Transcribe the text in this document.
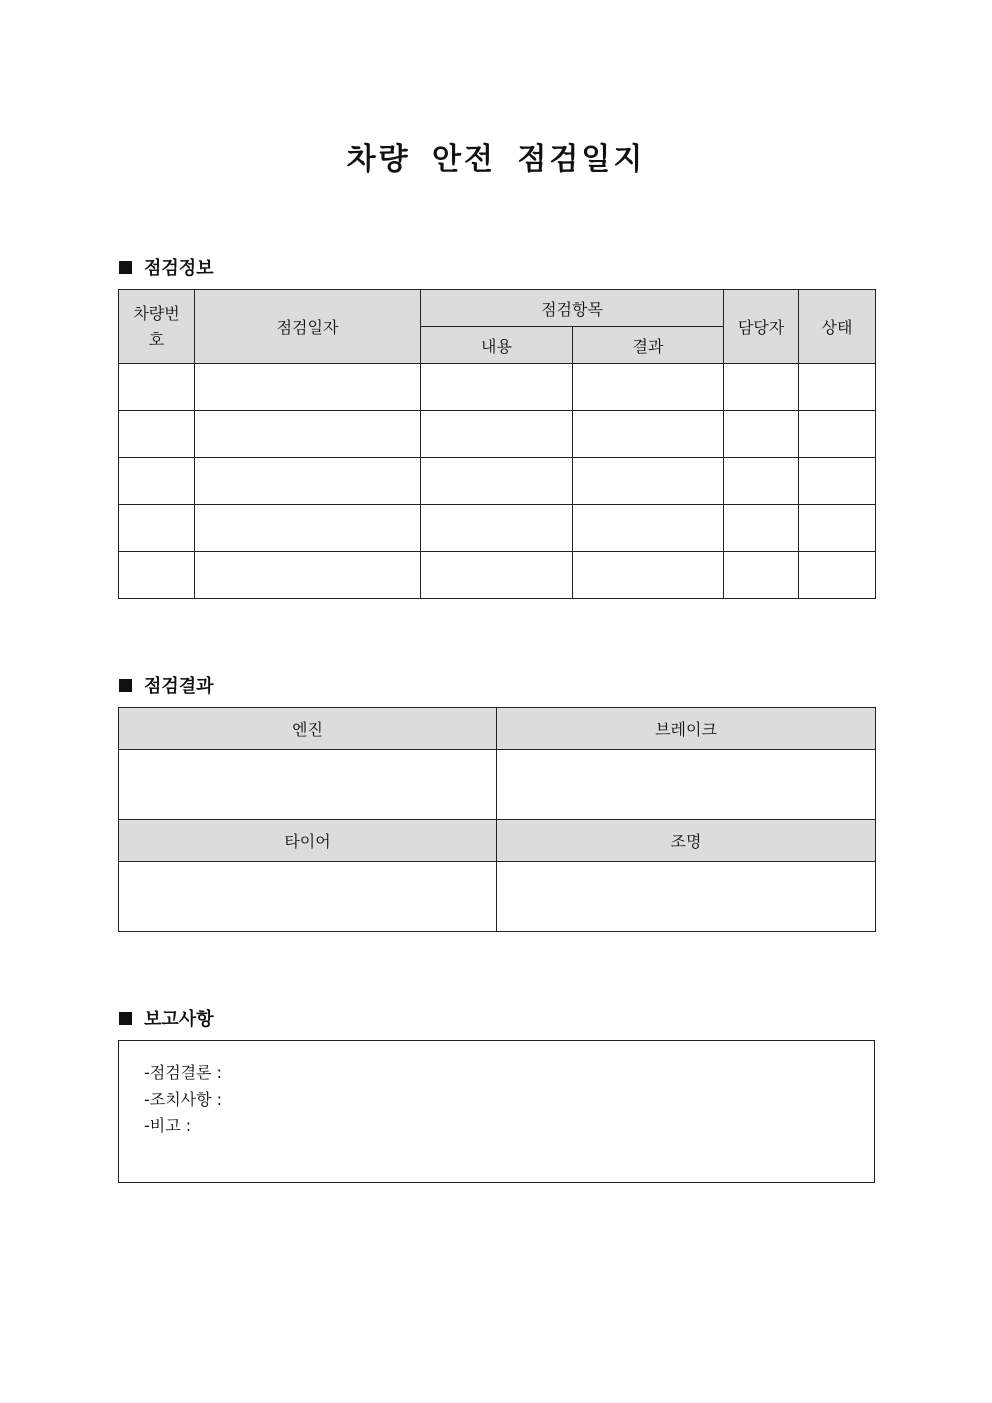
차량 안전 점검일지
점검정보
차량번호	점검일자	점검항목		담당자	상태
		내용	결과		

점검결과
엔진	브레이크

타이어	조명

보고사항
-점검결론 :
-조치사항 :
-비고 :
